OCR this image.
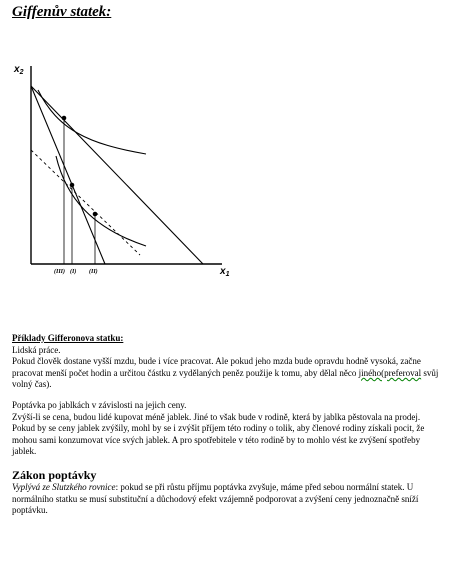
Giffenův statek:
$x_2$
$x_1$
(III) (I) (II)

Příklady Gifferonova statku:

Lidská práce.

Pokud člověk dostane vyšší mzdu, bude i více pracovat. Ale pokud jeho mzda bude opravdu hodně vysoká, začne pracovat menší počet hodin a určitou částku z vydělaných peněz použije k tomu, aby dělal něco jiného(preferoval svůj volný čas).

Poptávka po jablkách v závislosti na jejich ceny.

Zvýší-li se cena, budou lidé kupovat méně jablek. Jiné to však bude v rodině, která by jablka pěstovala na prodej. Pokud by se ceny jablek zvýšily, mohl by se i zvýšit příjem této rodiny o tolik, aby členové rodiny získali pocit, že mohou sami konzumovat více svých jablek. A pro spotřebitele v této rodině by to mohlo vést ke zvýšení spotřeby jablek.

Zákon poptávky

Vyplývá ze Slutzkého rovnice: pokud se při růstu příjmu poptávka zvyšuje, máme před sebou normální statek. U normálního statku se musí substituční a důchodový efekt vzájemně podporovat a zvýšení ceny jednoznačně sníží poptávku.
